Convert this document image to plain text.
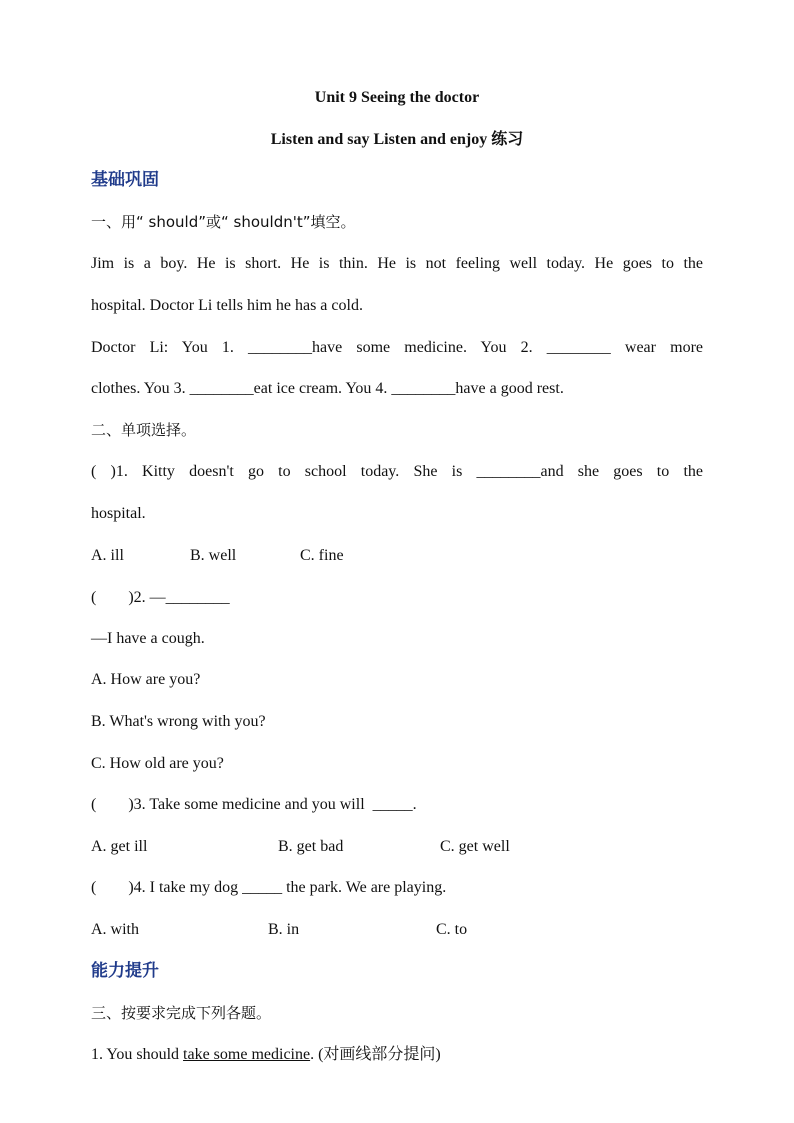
Unit 9 Seeing the doctor
Listen and say Listen and enjoy 练习
基础巩固
一、用“ should”或“ shouldn't”填空。
Jim is a boy. He is short. He is thin. He is not feeling well today. He goes to the
hospital. Doctor Li tells him he has a cold.
Doctor Li: You 1. ________have some medicine. You 2. ________ wear more
clothes. You 3. ________eat ice cream. You 4. ________have a good rest.
二、单项选择。
( )1. Kitty doesn't go to school today. She is ________and she goes to the
hospital.
A. ill	B. well	C. fine
(        )2. —________
—I have a cough.
A. How are you?
B. What's wrong with you?
C. How old are you?
(        )3. Take some medicine and you will  _____.
A. get ill	B. get bad	C. get well
(        )4. I take my dog _____ the park. We are playing.
A. with	B. in	C. to
能力提升
三、按要求完成下列各题。
1. You should take some medicine. (对画线部分提问)
